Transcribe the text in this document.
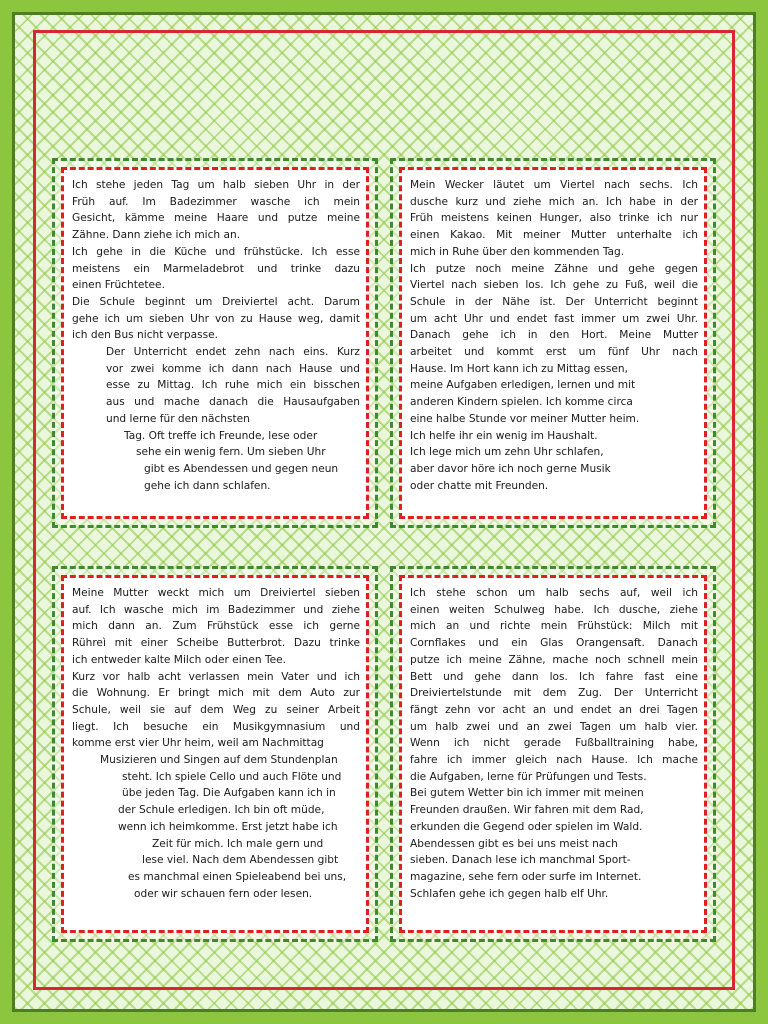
Ich stehe jeden Tag um halb sieben Uhr in der
Früh auf. Im Badezimmer wasche ich mein
Gesicht, kämme meine Haare und putze meine
Zähne. Dann ziehe ich mich an.
Ich gehe in die Küche und frühstücke. Ich esse
meistens ein Marmeladebrot und trinke dazu
einen Früchtetee.
Die Schule beginnt um Dreiviertel acht. Darum
gehe ich um sieben Uhr von zu Hause weg, damit
ich den Bus nicht verpasse.
Der Unterricht endet zehn nach eins. Kurz
vor zwei komme ich dann nach Hause und
esse zu Mittag. Ich ruhe mich ein bisschen
aus und mache danach die Hausaufgaben
und lerne für den nächsten
Tag. Oft treffe ich Freunde, lese oder
sehe ein wenig fern. Um sieben Uhr
gibt es Abendessen und gegen neun
gehe ich dann schlafen.
Mein Wecker läutet um Viertel nach sechs. Ich
dusche kurz und ziehe mich an. Ich habe in der
Früh meistens keinen Hunger, also trinke ich nur
einen Kakao. Mit meiner Mutter unterhalte ich
mich in Ruhe über den kommenden Tag.
Ich putze noch meine Zähne und gehe gegen
Viertel nach sieben los. Ich gehe zu Fuß, weil die
Schule in der Nähe ist. Der Unterricht beginnt
um acht Uhr und endet fast immer um zwei Uhr.
Danach gehe ich in den Hort. Meine Mutter
arbeitet und kommt erst um fünf Uhr nach
Hause. Im Hort kann ich zu Mittag essen,
meine Aufgaben erledigen, lernen und mit
anderen Kindern spielen. Ich komme circa
eine halbe Stunde vor meiner Mutter heim.
Ich helfe ihr ein wenig im Haushalt.
Ich lege mich um zehn Uhr schlafen,
aber davor höre ich noch gerne Musik
oder chatte mit Freunden.
Meine Mutter weckt mich um Dreiviertel sieben
auf. Ich wasche mich im Badezimmer und ziehe
mich dann an. Zum Frühstück esse ich gerne
Rühreì mit einer Scheibe Butterbrot. Dazu trinke
ich entweder kalte Milch oder einen Tee.
Kurz vor halb acht verlassen mein Vater und ich
die Wohnung. Er bringt mich mit dem Auto zur
Schule, weil sie auf dem Weg zu seiner Arbeit
liegt. Ich besuche ein Musikgymnasium und
komme erst vier Uhr heim, weil am Nachmittag
Musizieren und Singen auf dem Stundenplan
steht. Ich spiele Cello und auch Flöte und
übe jeden Tag. Die Aufgaben kann ich in
der Schule erledigen. Ich bin oft müde,
wenn ich heimkomme. Erst jetzt habe ich
Zeit für mich. Ich male gern und
lese viel. Nach dem Abendessen gibt
es manchmal einen Spieleabend bei uns,
oder wir schauen fern oder lesen.
Ich stehe schon um halb sechs auf, weil ich
einen weiten Schulweg habe. Ich dusche, ziehe
mich an und richte mein Frühstück: Milch mit
Cornflakes und ein Glas Orangensaft. Danach
putze ich meine Zähne, mache noch schnell mein
Bett und gehe dann los. Ich fahre fast eine
Dreiviertelstunde mit dem Zug. Der Unterricht
fängt zehn vor acht an und endet an drei Tagen
um halb zwei und an zwei Tagen um halb vier.
Wenn ich nicht gerade Fußballtraining habe,
fahre ich immer gleich nach Hause. Ich mache
die Aufgaben, lerne für Prüfungen und Tests.
Bei gutem Wetter bin ich immer mit meinen
Freunden draußen. Wir fahren mit dem Rad,
erkunden die Gegend oder spielen im Wald.
Abendessen gibt es bei uns meist nach
sieben. Danach lese ich manchmal Sport-
magazine, sehe fern oder surfe im Internet.
Schlafen gehe ich gegen halb elf Uhr.
